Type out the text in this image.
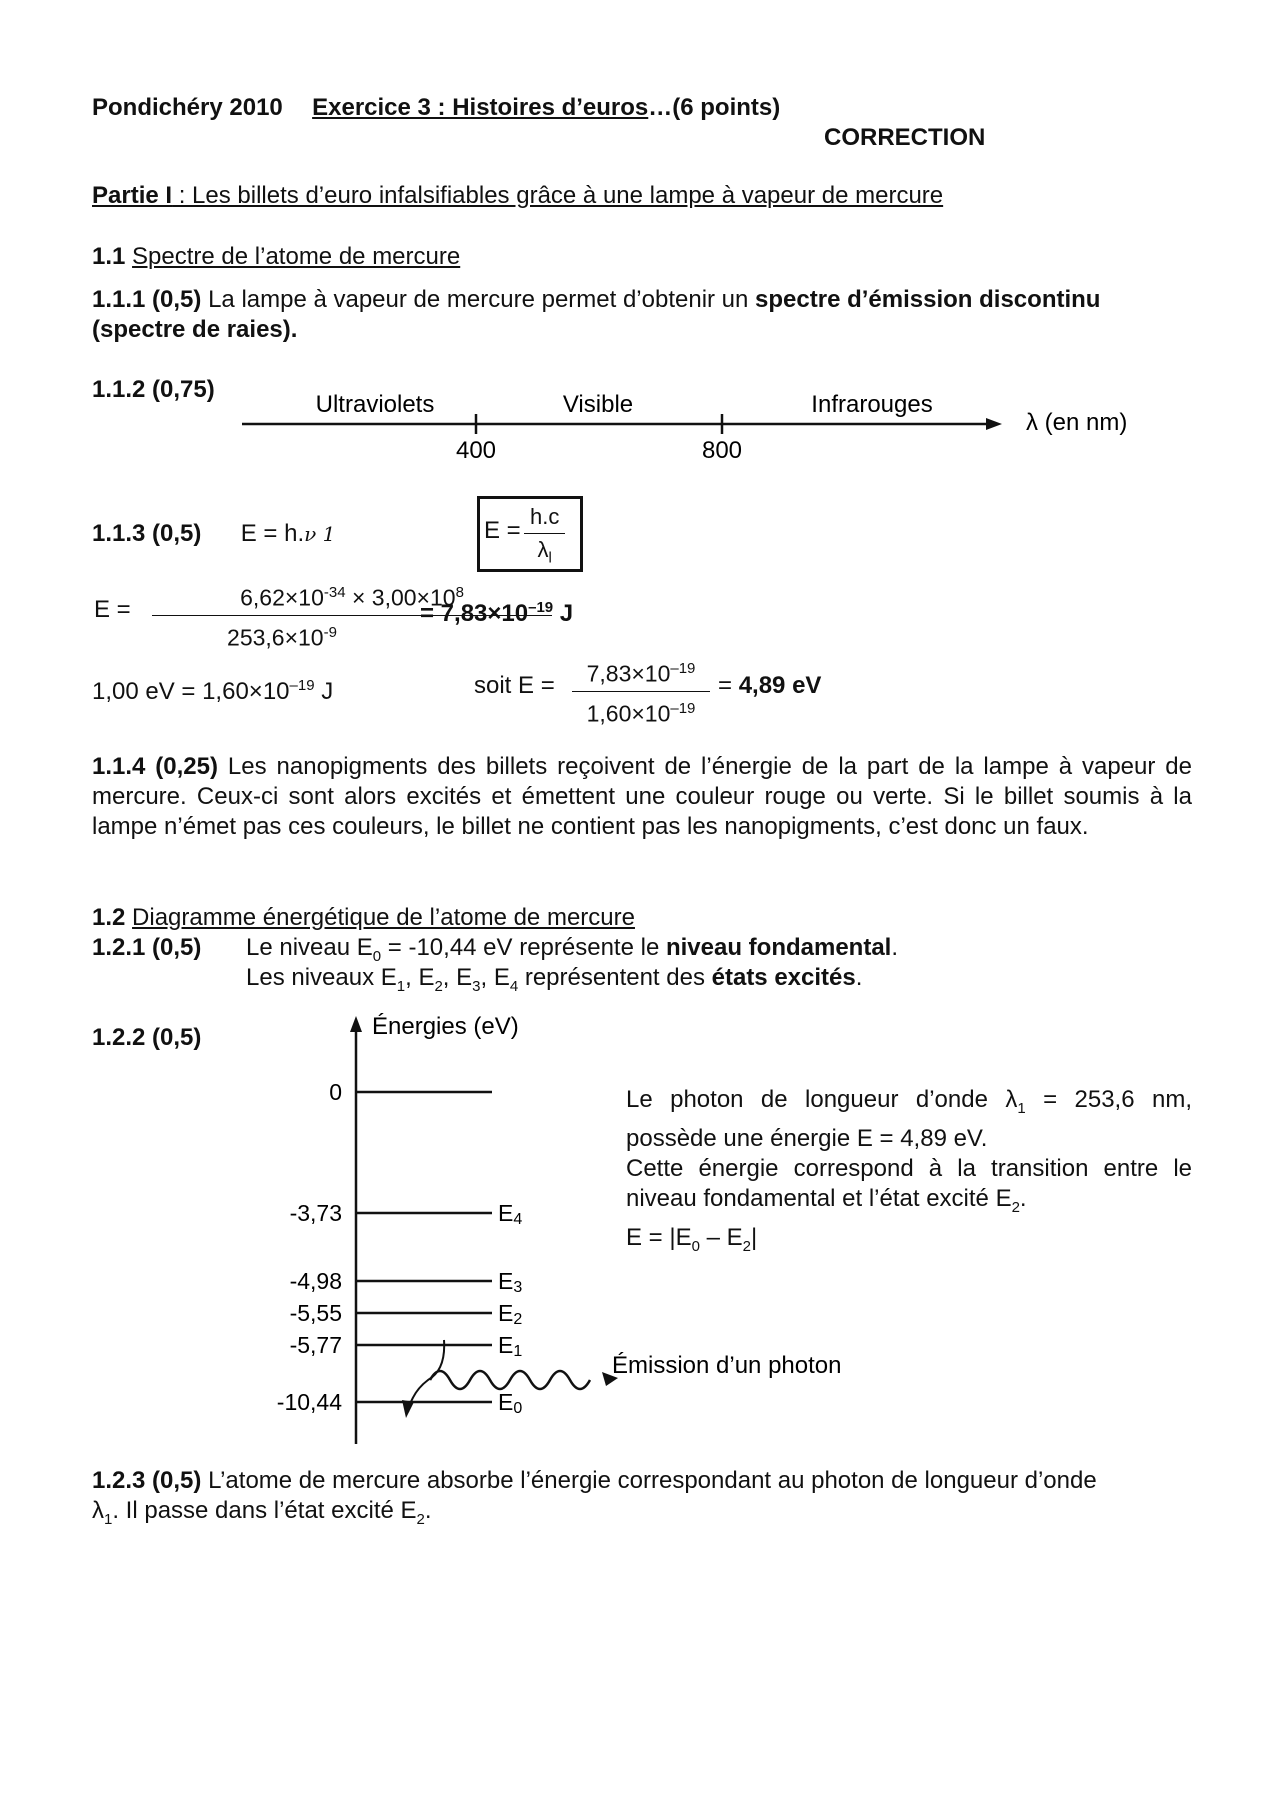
Pondichéry 2010 Exercice 3 : Histoires d’euros…(6 points)
CORRECTION
Partie I : Les billets d’euro infalsifiables grâce à une lampe à vapeur de mercure
1.1 Spectre de l’atome de mercure
1.1.1 (0,5) La lampe à vapeur de mercure permet d’obtenir un spectre d’émission discontinu
(spectre de raies).
1.1.2 (0,75)
Ultraviolets	Visible	Infrarouges
400	800
λ (en nm)
1.1.3 (0,5) E = h.ν 1	$E = \frac{h.c}{\lambda_l}$
$E = \frac{6,62\times 10^{-34} \times 3,00\times 10^8}{253,6\times 10^{-9}}$
= $7,83\times 10^{-19}$ J
1,00 eV = $1,60\times 10^{-19}$ J	soit $E = \frac{7,83\times 10^{-19}}{1,60\times 10^{-19}} = 4,89$ eV
1.1.4 (0,25) Les nanopigments des billets reçoivent de l’énergie de la part de la lampe à vapeur de mercure. Ceux-ci sont alors excités et émettent une couleur rouge ou verte. Si le billet soumis à la lampe n’émet pas ces couleurs, le billet ne contient pas les nanopigments, c’est donc un faux.
1.2 Diagramme énergétique de l’atome de mercure
1.2.1 (0,5) Le niveau $E_0 = -10,44$ eV représente le niveau fondamental.
Les niveaux $E_1$, $E_2$, $E_3$, $E_4$ représentent des états excités.
1.2.2 (0,5)	Énergies (eV)
0
-3,73	E4
-4,98	E3
-5,55	E2
-5,77	E1
-10,44	E0
Émission d’un photon
Le photon de longueur d’onde $\lambda_1 = 253,6$ nm,
possède une énergie E = 4,89 eV.
Cette énergie correspond à la transition entre le
niveau fondamental et l’état excité $E_2$.
$E = |E_0 - E_2|$
1.2.3 (0,5) L’atome de mercure absorbe l’énergie correspondant au photon de longueur d’onde
$\lambda_1$. Il passe dans l’état excité $E_2$.
